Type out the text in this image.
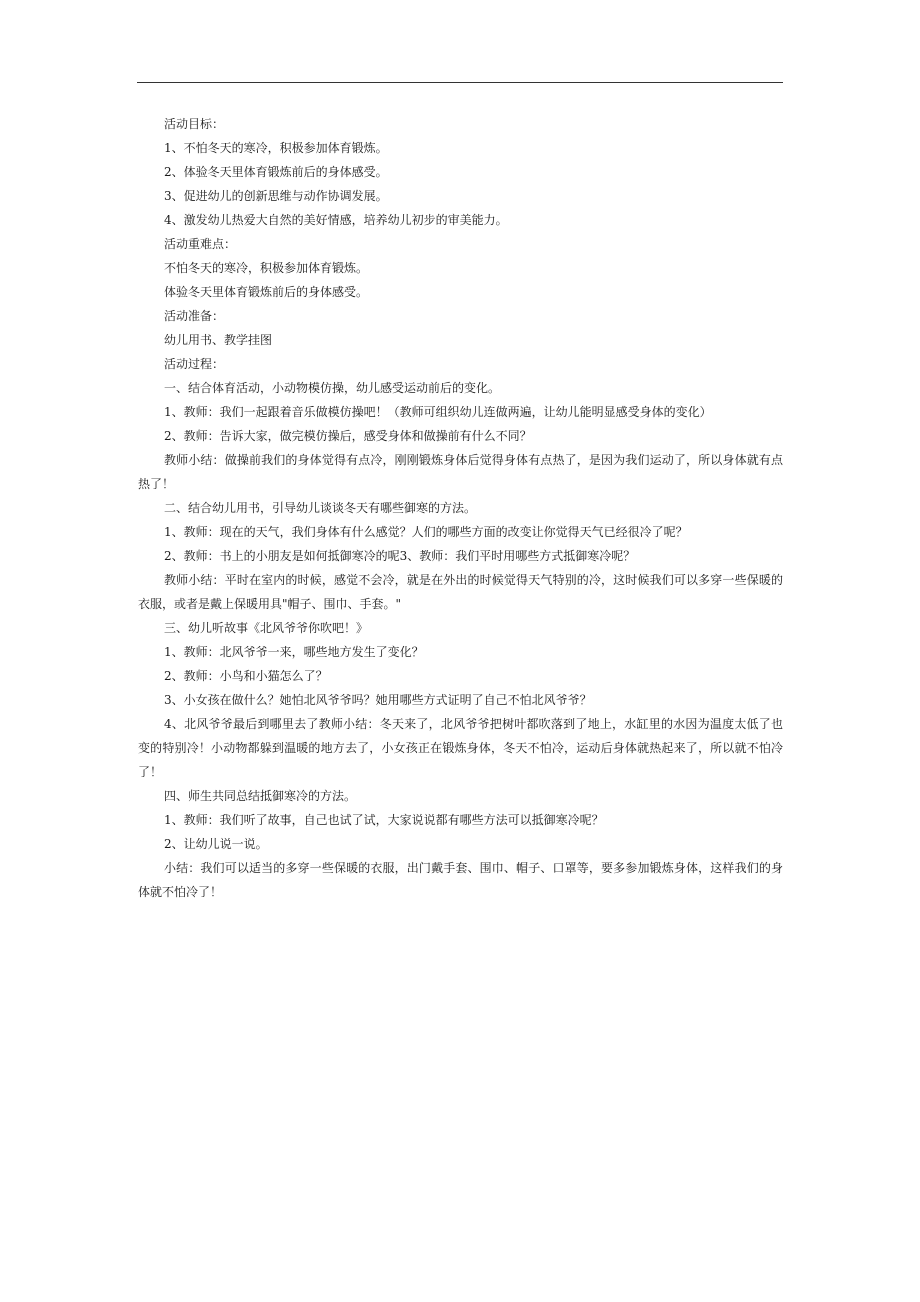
活动目标：

1、不怕冬天的寒冷，积极参加体育锻炼。

2、体验冬天里体育锻炼前后的身体感受。

3、促进幼儿的创新思维与动作协调发展。

4、激发幼儿热爱大自然的美好情感，培养幼儿初步的审美能力。

活动重难点：

不怕冬天的寒冷，积极参加体育锻炼。

体验冬天里体育锻炼前后的身体感受。

活动准备：

幼儿用书、教学挂图

活动过程：

一、结合体育活动，小动物模仿操，幼儿感受运动前后的变化。

1、教师：我们一起跟着音乐做模仿操吧！（教师可组织幼儿连做两遍，让幼儿能明显感受身体的变化）

2、教师：告诉大家，做完模仿操后，感受身体和做操前有什么不同？

教师小结：做操前我们的身体觉得有点冷，刚刚锻炼身体后觉得身体有点热了，是因为我们运动了，所以身体就有点热了！

二、结合幼儿用书，引导幼儿谈谈冬天有哪些御寒的方法。

1、教师：现在的天气，我们身体有什么感觉？人们的哪些方面的改变让你觉得天气已经很冷了呢？

2、教师：书上的小朋友是如何抵御寒冷的呢3、教师：我们平时用哪些方式抵御寒冷呢？

教师小结：平时在室内的时候，感觉不会冷，就是在外出的时候觉得天气特别的冷，这时候我们可以多穿一些保暖的衣服，或者是戴上保暖用具"帽子、围巾、手套。"

三、幼儿听故事《北风爷爷你吹吧！》

1、教师：北风爷爷一来，哪些地方发生了变化？

2、教师：小鸟和小猫怎么了？

3、小女孩在做什么？她怕北风爷爷吗？她用哪些方式证明了自己不怕北风爷爷？

4、北风爷爷最后到哪里去了教师小结：冬天来了，北风爷爷把树叶都吹落到了地上，水缸里的水因为温度太低了也变的特别冷！小动物都躲到温暖的地方去了，小女孩正在锻炼身体，冬天不怕冷，运动后身体就热起来了，所以就不怕冷了！

四、师生共同总结抵御寒冷的方法。

1、教师：我们听了故事，自己也试了试，大家说说都有哪些方法可以抵御寒冷呢？

2、让幼儿说一说。

小结：我们可以适当的多穿一些保暖的衣服，出门戴手套、围巾、帽子、口罩等，要多参加锻炼身体，这样我们的身体就不怕冷了！
